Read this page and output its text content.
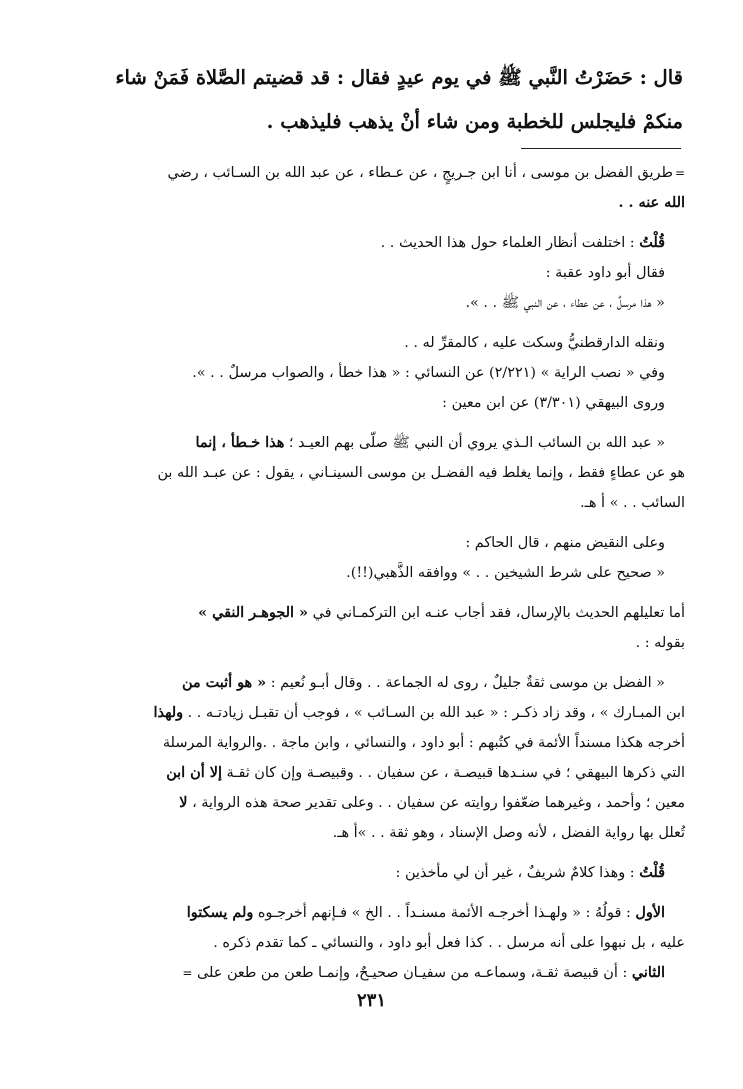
قال : حَضَرْتُ النَّبي ﷺ في يوم عيدٍ فقال : قد قضيتم الصَّلاة فَمَنْ شاء

منكمْ فليجلس للخطبة ومن شاء أنْ يذهب فليذهب .

=طريق الفضل بن موسى ، أنا ابن جـريجٍ ، عن عـطاء ، عن عبد الله بن السـائب ، رضي

الله عنه . .

قُلْتُ : اختلفت أنظار العلماء حول هذا الحديث . .

فقال أبو داود عقبة :

« هذا مرسلٌ ، عن عطاء ، عن النبي ﷺ . . ».

ونقله الدارقطنيُّ وسكت عليه ، كالمقرِّ له . .

وفي « نصب الراية » (٢/٢٢١) عن النسائي : « هذا خطأ ، والصواب مرسلٌ . . ».

وروى البيهقي (٣/٣٠١) عن ابن معين :

« عبد الله بن السائب الـذي يروي أن النبي ﷺ صلّى بهم العيـد ؛ هذا خـطأ ، إنما

هو عن عطاءٍ فقط ، وإنما يغلط فيه الفضـل بن موسى السينـاني ، يقول : عن عبـد الله بن

السائب . . » أ هـ.

وعلى النقيض منهم ، قال الحاكم :

« صحيح على شرط الشيخين . . » ووافقه الذَّهبي(!!).

أما تعليلهم الحديث بالإرسال، فقد أجاب عنـه ابن التركمـاني في « الجوهـر النقي »

بقوله : .

« الفضل بن موسى ثقةٌ جليلٌ ، روى له الجماعة . . وقال أبـو نُعيم : « هو أثبت من

ابن المبـارك » ، وقد زاد ذكـر : « عبد الله بن السـائب » ، فوجب أن تقبـل زيادتـه . . ولهذا

أخرجه هكذا مسنداً الأئمة في كتُبهم : أبو داود ، والنسائي ، وابن ماجة . .والرواية المرسلة

التي ذكرها البيهقي ؛ في سنـدها قبيصـة ، عن سفيان . . وقبيصـة وإن كان ثقـة إلا أن ابن

معين ؛ وأحمد ، وغيرهما ضعّفوا روايته عن سفيان . . وعلى تقدير صحة هذه الرواية ، لا

تُعلل بها رواية الفضل ، لأنه وصل الإسناد ، وهو ثقة . . »أ هـ.

قُلْتُ : وهذا كلامٌ شريفٌ ، غير أن لي مأخذين :

الأول : قولُهُ : « ولهـذا أخرجـه الأئمة مسنـداً . . الخ » فـإنهم أخرجـوه ولم يسكتوا

عليه ، بل نبهوا على أنه مرسل . . كذا فعل أبو داود ، والنسائي ـ كما تقدم ذكره .

الثاني : أن قبيصة ثقـة، وسماعـه من سفيـان صحيـحٌ، وإنمـا طعن من طعن على =

٢٣١
